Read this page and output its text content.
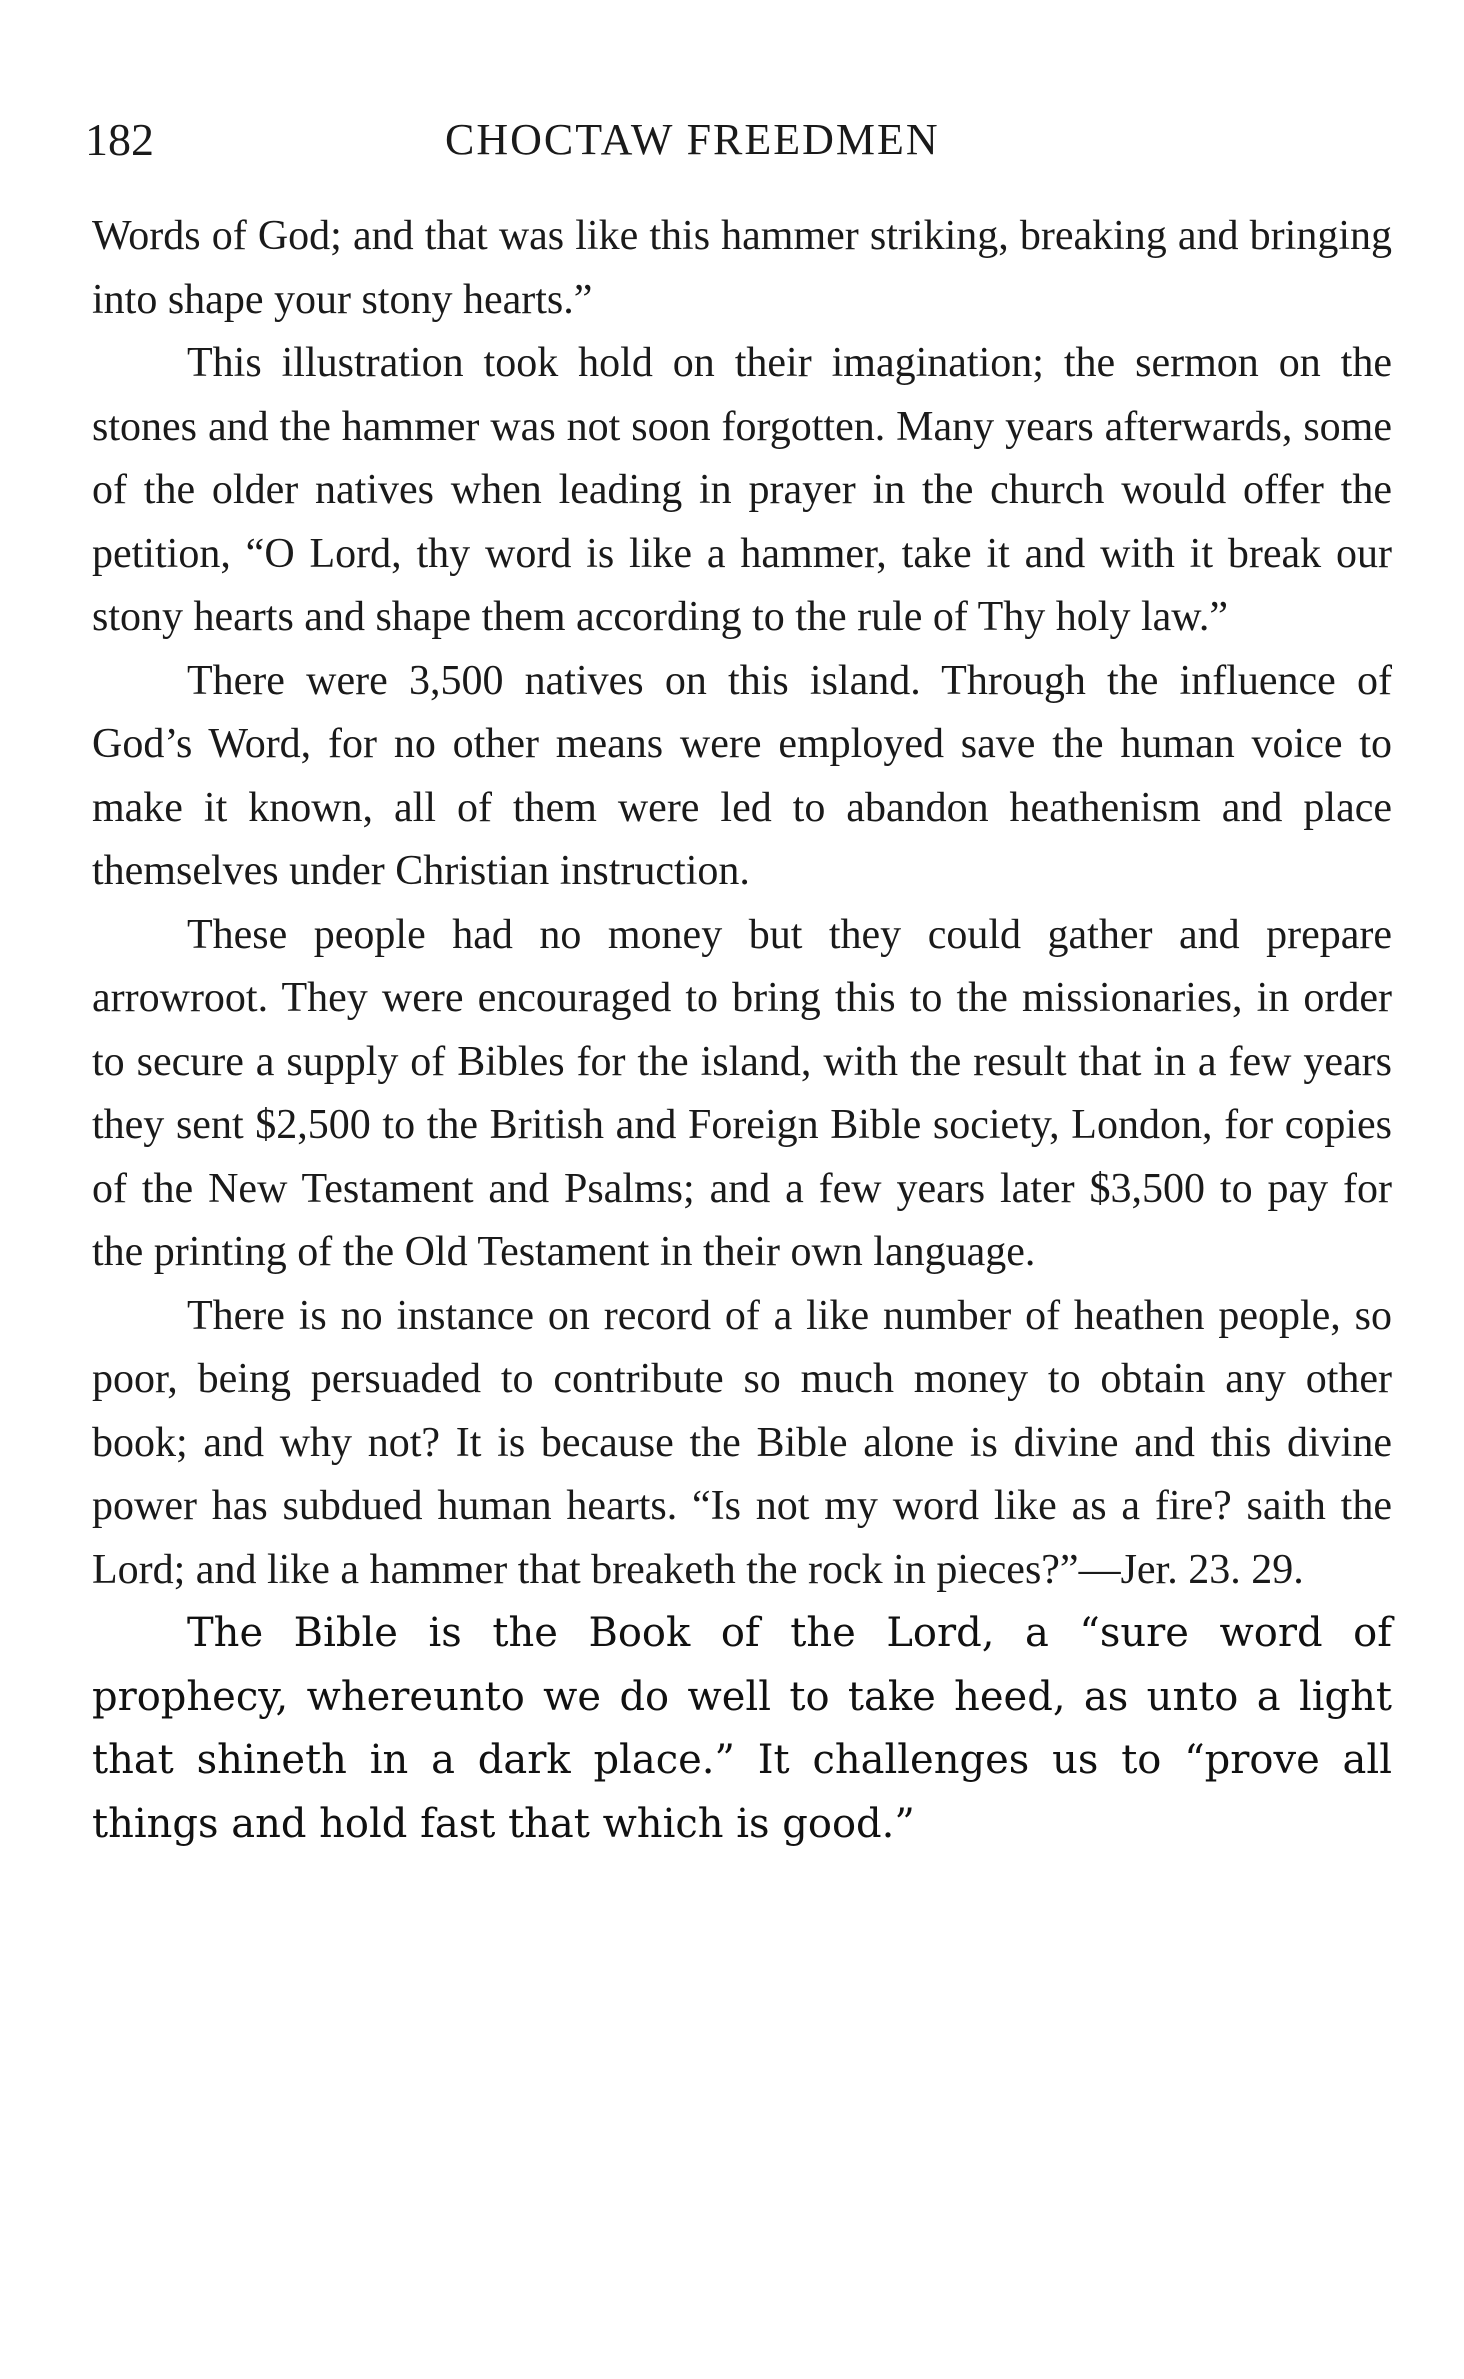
182	CHOCTAW FREEDMEN

Words of God; and that was like this hammer striking, breaking and bringing into shape your stony hearts.”

This illustration took hold on their imagination; the sermon on the stones and the hammer was not soon forgotten. Many years afterwards, some of the older natives when leading in prayer in the church would offer the petition, “O Lord, thy word is like a hammer, take it and with it break our stony hearts and shape them according to the rule of Thy holy law.”

There were 3,500 natives on this island. Through the influence of God’s Word, for no other means were employed save the human voice to make it known, all of them were led to abandon heathenism and place themselves under Christian instruction.

These people had no money but they could gather and prepare arrowroot. They were encouraged to bring this to the missionaries, in order to secure a supply of Bibles for the island, with the result that in a few years they sent $2,500 to the British and Foreign Bible society, London, for copies of the New Testament and Psalms; and a few years later $3,500 to pay for the printing of the Old Testament in their own language.

There is no instance on record of a like number of heathen people, so poor, being persuaded to contribute so much money to obtain any other book; and why not? It is because the Bible alone is divine and this divine power has subdued human hearts. “Is not my word like as a fire? saith the Lord; and like a hammer that breaketh the rock in pieces?”—Jer. 23. 29.

The Bible is the Book of the Lord, a “sure word of prophecy, whereunto we do well to take heed, as unto a light that shineth in a dark place.” It challenges us to “prove all things and hold fast that which is good.”
